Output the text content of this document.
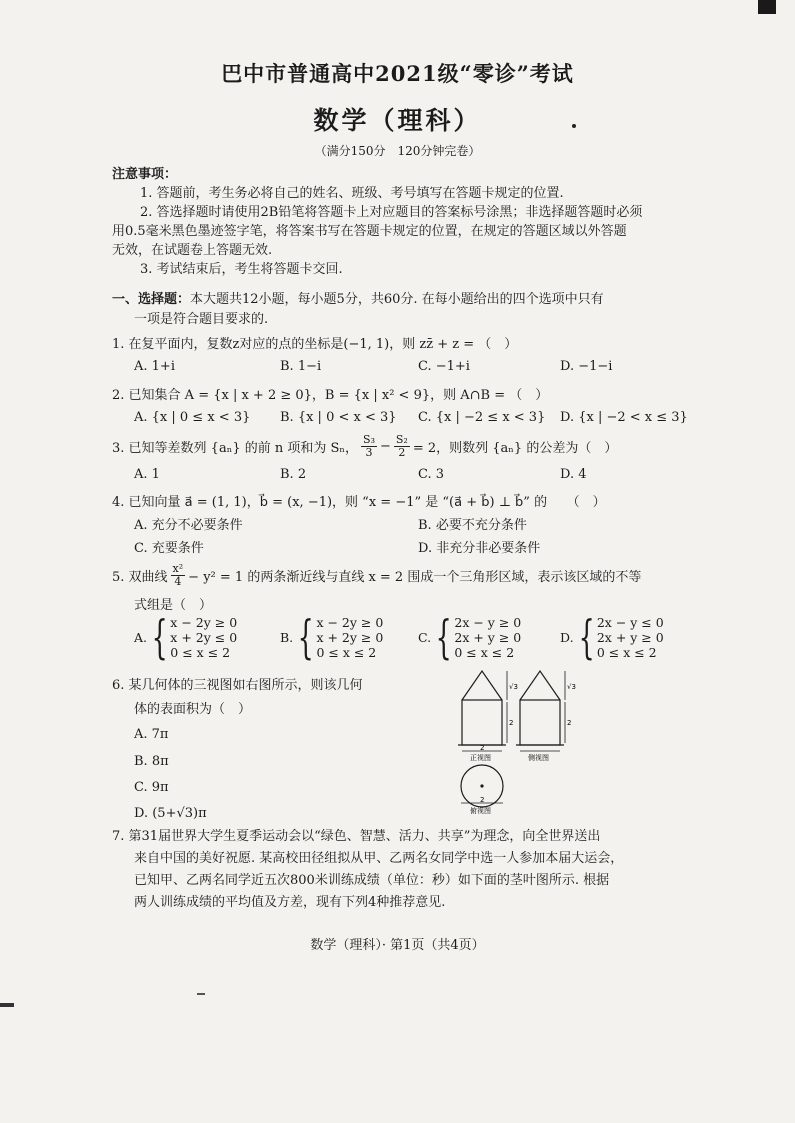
巴中市普通高中2021级“零诊”考试
数学（理科）
（满分150分　120分钟完卷）
注意事项：
1. 答题前，考生务必将自己的姓名、班级、考号填写在答题卡规定的位置.
2. 答选择题时请使用2B铅笔将答题卡上对应题目的答案标号涂黑；非选择题答题时必须
用0.5毫米黑色墨迹签字笔，将答案书写在答题卡规定的位置，在规定的答题区域以外答题
无效，在试题卷上答题无效.
3. 考试结束后，考生将答题卡交回.
一、选择题：本大题共12小题，每小题5分，共60分. 在每小题给出的四个选项中只有
一项是符合题目要求的.
1. 在复平面内，复数z对应的点的坐标是(−1, 1)，则 zz̄ + z = （　）
A. 1+i	B. 1−i	C. −1+i	D. −1−i
2. 已知集合 A = {x | x + 2 ≥ 0}，B = {x | x² < 9}，则 A∩B = （　）
A. {x | 0 ≤ x < 3} B. {x | 0 < x < 3} C. {x | −2 ≤ x < 3} D. {x | −2 < x ≤ 3}
3. 已知等差数列 {aₙ} 的前 n 项和为 Sₙ， $\frac{\text{S₃}}{3} - \frac{\text{S₂}}{2} = 2$，则数列 {aₙ} 的公差为（　）
A. 1	B. 2	C. 3	D. 4
4. 已知向量 a⃗ = (1, 1)，b⃗ = (x, −1)，则 “x = −1” 是 “(a⃗ + b⃗) ⊥ b⃗” 的　　（　）
A. 充分不必要条件	B. 必要不充分条件
C. 充要条件	D. 非充分非必要条件
5. 双曲线 $\frac{\text{x²}}{4} - y^2 = 1$ 的两条渐近线与直线 x = 2 围成一个三角形区域，表示该区域的不等
式组是（　）
A. { x − 2y ≥ 0
x + 2y ≤ 0
0 ≤ x ≤ 2
B. { x − 2y ≥ 0
x + 2y ≥ 0
0 ≤ x ≤ 2
C. { 2x − y ≥ 0
2x + y ≥ 0
0 ≤ x ≤ 2
D. { 2x − y ≤ 0
2x + y ≥ 0
0 ≤ x ≤ 2
6. 某几何体的三视图如右图所示，则该几何
体的表面积为（　）
A. 7π
B. 8π
C. 9π
D. (5+√3)π
√3
2
√3
2
2
正视图	侧视图
2
俯视图
7. 第31届世界大学生夏季运动会以“绿色、智慧、活力、共享”为理念，向全世界送出
来自中国的美好祝愿. 某高校田径组拟从甲、乙两名女同学中选一人参加本届大运会，
已知甲、乙两名同学近五次800米训练成绩（单位：秒）如下面的茎叶图所示. 根据
两人训练成绩的平均值及方差，现有下列4种推荐意见.
数学（理科）· 第1页（共4页）
